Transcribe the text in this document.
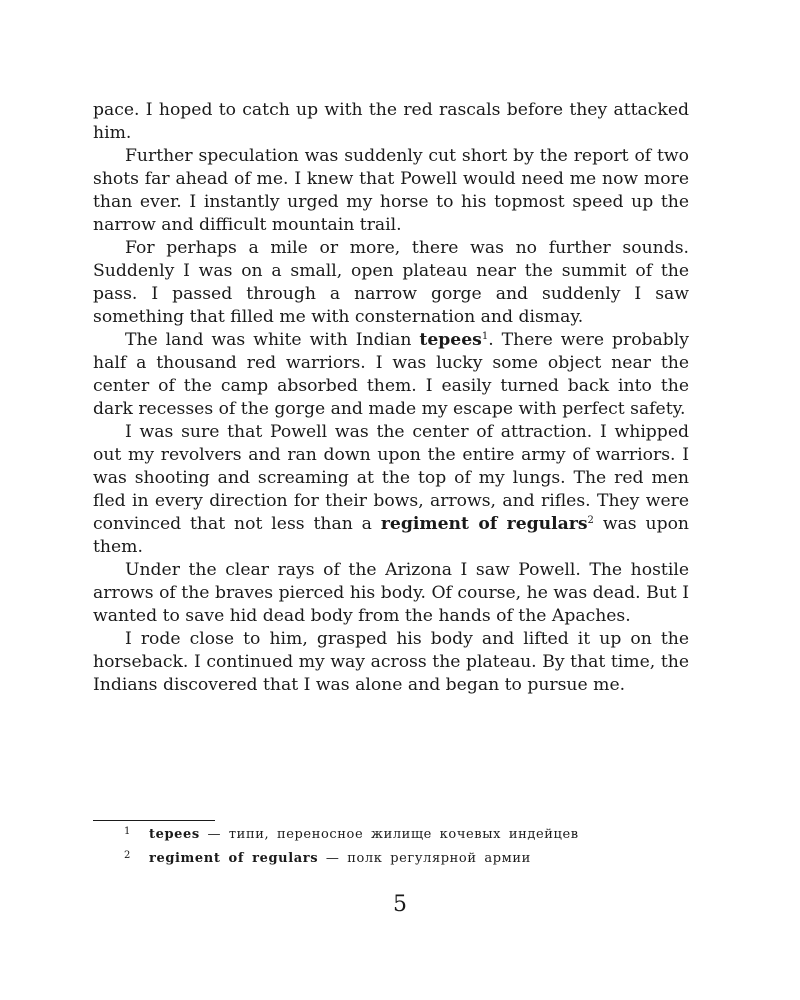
pace. I hoped to catch up with the red rascals before they attacked him.

Further speculation was suddenly cut short by the report of two shots far ahead of me. I knew that Powell would need me now more than ever. I instantly urged my horse to his topmost speed up the narrow and difficult mountain trail.

For perhaps a mile or more, there was no further sounds. Suddenly I was on a small, open plateau near the summit of the pass. I passed through a narrow gorge and suddenly I saw something that filled me with consternation and dismay.

The land was white with Indian tepees$^1$. There were probably half a thousand red warriors. I was lucky some object near the center of the camp absorbed them. I easily turned back into the dark recesses of the gorge and made my escape with perfect safety.

I was sure that Powell was the center of attraction. I whipped out my revolvers and ran down upon the entire army of warriors. I was shooting and screaming at the top of my lungs. The red men fled in every direction for their bows, arrows, and rifles. They were convinced that not less than a regiment of regulars$^2$ was upon them.

Under the clear rays of the Arizona I saw Powell. The hostile arrows of the braves pierced his body. Of course, he was dead. But I wanted to save hid dead body from the hands of the Apaches.

I rode close to him, grasped his body and lifted it up on the horseback. I continued my way across the plateau. By that time, the Indians discovered that I was alone and began to pursue me.

1 tepees — типи, переносное жилище кочевых индейцев
2 regiment of regulars — полк регулярной армии
5
